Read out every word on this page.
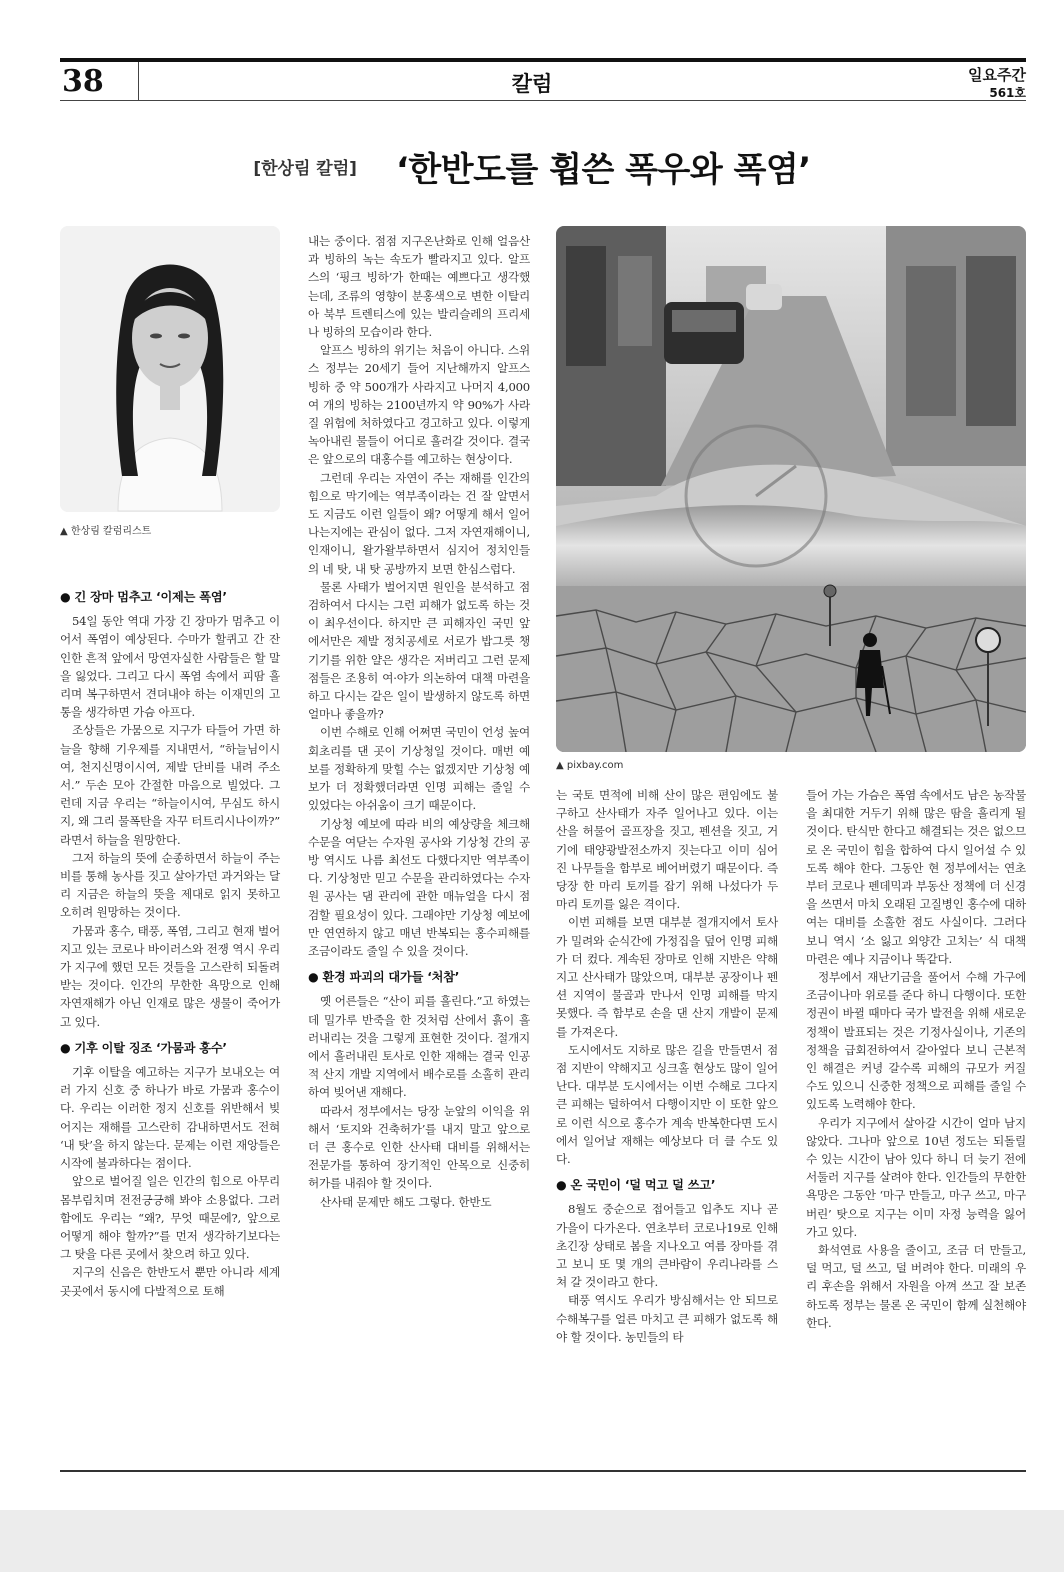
38	칼럼	일요주간
561호
[한상림 칼럼] ‘한반도를 휩쓴 폭우와 폭염’
▲ 한상림 칼럼리스트
▲ pixbay.com

● 긴 장마 멈추고 ‘이제는 폭염’

54일 동안 역대 가장 긴 장마가 멈추고 이어서 폭염이 예상된다. 수마가 할퀴고 간 잔인한 흔적 앞에서 망연자실한 사람들은 할 말을 잃었다. 그리고 다시 폭염 속에서 피땀 흘리며 복구하면서 견뎌내야 하는 이재민의 고통을 생각하면 가슴 아프다.

조상들은 가뭄으로 지구가 타들어 가면 하늘을 향해 기우제를 지내면서, “하늘님이시여, 천지신명이시여, 제발 단비를 내려 주소서.” 두손 모아 간절한 마음으로 빌었다. 그런데 지금 우리는 “하늘이시여, 무심도 하시지, 왜 그리 물폭탄을 자꾸 터트리시나이까?” 라면서 하늘을 원망한다.

그저 하늘의 뜻에 순종하면서 하늘이 주는 비를 통해 농사를 짓고 살아가던 과거와는 달리 지금은 하늘의 뜻을 제대로 읽지 못하고 오히려 원망하는 것이다.

가뭄과 홍수, 태풍, 폭염, 그리고 현재 벌어지고 있는 코로나 바이러스와 전쟁 역시 우리가 지구에 했던 모든 것들을 고스란히 되돌려 받는 것이다. 인간의 무한한 욕망으로 인해 자연재해가 아닌 인재로 많은 생물이 죽어가고 있다.

● 기후 이탈 징조 ‘가뭄과 홍수’

기후 이탈을 예고하는 지구가 보내오는 여러 가지 신호 중 하나가 바로 가뭄과 홍수이다. 우리는 이러한 정지 신호를 위반해서 빚어지는 재해를 고스란히 감내하면서도 전혀 ‘내 탓’을 하지 않는다. 문제는 이런 재앙들은 시작에 불과하다는 점이다.

앞으로 벌어질 일은 인간의 힘으로 아무리 몸부림치며 전전긍긍해 봐야 소용없다. 그러함에도 우리는 “왜?, 무엇 때문에?, 앞으로 어떻게 해야 할까?”를 먼저 생각하기보다는 그 탓을 다른 곳에서 찾으려 하고 있다.

지구의 신음은 한반도서 뿐만 아니라 세계 곳곳에서 동시에 다발적으로 토해

내는 중이다. 점점 지구온난화로 인해 얼음산과 빙하의 녹는 속도가 빨라지고 있다. 알프스의 ‘핑크 빙하’가 한때는 예쁘다고 생각했는데, 조류의 영향이 분홍색으로 변한 이탈리아 북부 트렌티스에 있는 발리슬레의 프리세나 빙하의 모습이라 한다.

알프스 빙하의 위기는 처음이 아니다. 스위스 정부는 20세기 들어 지난해까지 알프스 빙하 중 약 500개가 사라지고 나머지 4,000여 개의 빙하는 2100년까지 약 90%가 사라질 위험에 처하였다고 경고하고 있다. 이렇게 녹아내린 물들이 어디로 흘러갈 것이다. 결국은 앞으로의 대홍수를 예고하는 현상이다.

그런데 우리는 자연이 주는 재해를 인간의 힘으로 막기에는 역부족이라는 건 잘 알면서도 지금도 이런 일들이 왜? 어떻게 해서 일어나는지에는 관심이 없다. 그저 자연재해이니, 인재이니, 왈가왈부하면서 심지어 정치인들의 네 탓, 내 탓 공방까지 보면 한심스럽다.

물론 사태가 벌어지면 원인을 분석하고 점검하여서 다시는 그런 피해가 없도록 하는 것이 최우선이다. 하지만 큰 피해자인 국민 앞에서만은 제발 정치공세로 서로가 밥그릇 챙기기를 위한 얄은 생각은 저버리고 그런 문제점들은 조용히 여·야가 의논하여 대책 마련을 하고 다시는 같은 일이 발생하지 않도록 하면 얼마나 좋을까?

이번 수해로 인해 어쩌면 국민이 언성 높여 회초리를 댄 곳이 기상청일 것이다. 매번 예보를 정확하게 맞힐 수는 없겠지만 기상청 예보가 더 정확했더라면 인명 피해는 줄일 수 있었다는 아쉬움이 크기 때문이다.

기상청 예보에 따라 비의 예상량을 체크해 수문을 여닫는 수자원 공사와 기상청 간의 공방 역시도 나름 최선도 다했다지만 역부족이다. 기상청만 믿고 수문을 관리하였다는 수자원 공사는 댐 관리에 관한 매뉴얼을 다시 점검할 필요성이 있다. 그래야만 기상청 예보에만 연연하지 않고 매년 반복되는 홍수피해를 조금이라도 줄일 수 있을 것이다.

● 환경 파괴의 대가들 ‘처참’

옛 어른들은 “산이 피를 흘린다.”고 하였는데 밀가루 반죽을 한 것처럼 산에서 흙이 흘러내리는 것을 그렇게 표현한 것이다. 절개지에서 흘러내린 토사로 인한 재해는 결국 인공적 산지 개발 지역에서 배수로를 소홀히 관리하여 빚어낸 재해다.

따라서 정부에서는 당장 눈앞의 이익을 위해서 ‘토지와 건축허가’를 내지 말고 앞으로 더 큰 홍수로 인한 산사태 대비를 위해서는 전문가를 통하여 장기적인 안목으로 신중히 허가를 내줘야 할 것이다.

산사태 문제만 해도 그렇다. 한반도

는 국토 면적에 비해 산이 많은 편임에도 불구하고 산사태가 자주 일어나고 있다. 이는 산을 허물어 골프장을 짓고, 펜션을 짓고, 거기에 태양광발전소까지 짓는다고 이미 심어진 나무들을 함부로 베어버렸기 때문이다. 즉 당장 한 마리 토끼를 잡기 위해 나섰다가 두 마리 토끼를 잃은 격이다.

이번 피해를 보면 대부분 절개지에서 토사가 밀려와 순식간에 가정집을 덮어 인명 피해가 더 컸다. 계속된 장마로 인해 지반은 약해지고 산사태가 많았으며, 대부분 공장이나 펜션 지역이 물골과 만나서 인명 피해를 막지 못했다. 즉 함부로 손을 댄 산지 개발이 문제를 가져온다.

도시에서도 지하로 많은 길을 만들면서 점점 지반이 약해지고 싱크홀 현상도 많이 일어난다. 대부분 도시에서는 이번 수해로 그다지 큰 피해는 덜하여서 다행이지만 이 또한 앞으로 이런 식으로 홍수가 계속 반복한다면 도시에서 일어날 재해는 예상보다 더 클 수도 있다.

● 온 국민이 ‘덜 먹고 덜 쓰고’

8월도 중순으로 접어들고 입추도 지나 곧 가을이 다가온다. 연초부터 코로나19로 인해 초긴장 상태로 봄을 지나오고 여름 장마를 겪고 보니 또 몇 개의 큰바람이 우리나라를 스쳐 갈 것이라고 한다.

태풍 역시도 우리가 방심해서는 안 되므로 수해복구를 얼른 마치고 큰 피해가 없도록 해야 할 것이다. 농민들의 타

들어 가는 가슴은 폭염 속에서도 남은 농작물을 최대한 거두기 위해 많은 땀을 흘리게 될 것이다. 탄식만 한다고 해결되는 것은 없으므로 온 국민이 힘을 합하여 다시 일어설 수 있도록 해야 한다. 그동안 현 정부에서는 연초부터 코로나 펜데믹과 부동산 정책에 더 신경을 쓰면서 마치 오래된 고질병인 홍수에 대하여는 대비를 소홀한 점도 사실이다. 그러다 보니 역시 ‘소 잃고 외양간 고치는’ 식 대책 마련은 예나 지금이나 똑같다.

정부에서 재난기금을 풀어서 수해 가구에 조금이나마 위로를 준다 하니 다행이다. 또한 정권이 바뀔 때마다 국가 발전을 위해 새로운 정책이 발표되는 것은 기정사실이나, 기존의 정책을 급회전하여서 갈아엎다 보니 근본적인 해결은 커녕 갈수록 피해의 규모가 커질 수도 있으니 신중한 정책으로 피해를 줄일 수 있도록 노력해야 한다.

우리가 지구에서 살아갈 시간이 얼마 남지 않았다. 그나마 앞으로 10년 정도는 되돌릴 수 있는 시간이 남아 있다 하니 더 늦기 전에 서둘러 지구를 살려야 한다. 인간들의 무한한 욕망은 그동안 ‘마구 만들고, 마구 쓰고, 마구 버린’ 탓으로 지구는 이미 자정 능력을 잃어가고 있다.

화석연료 사용을 줄이고, 조금 더 만들고, 덜 먹고, 덜 쓰고, 덜 버려야 한다. 미래의 우리 후손을 위해서 자원을 아껴 쓰고 잘 보존하도록 정부는 물론 온 국민이 함께 실천해야 한다.
